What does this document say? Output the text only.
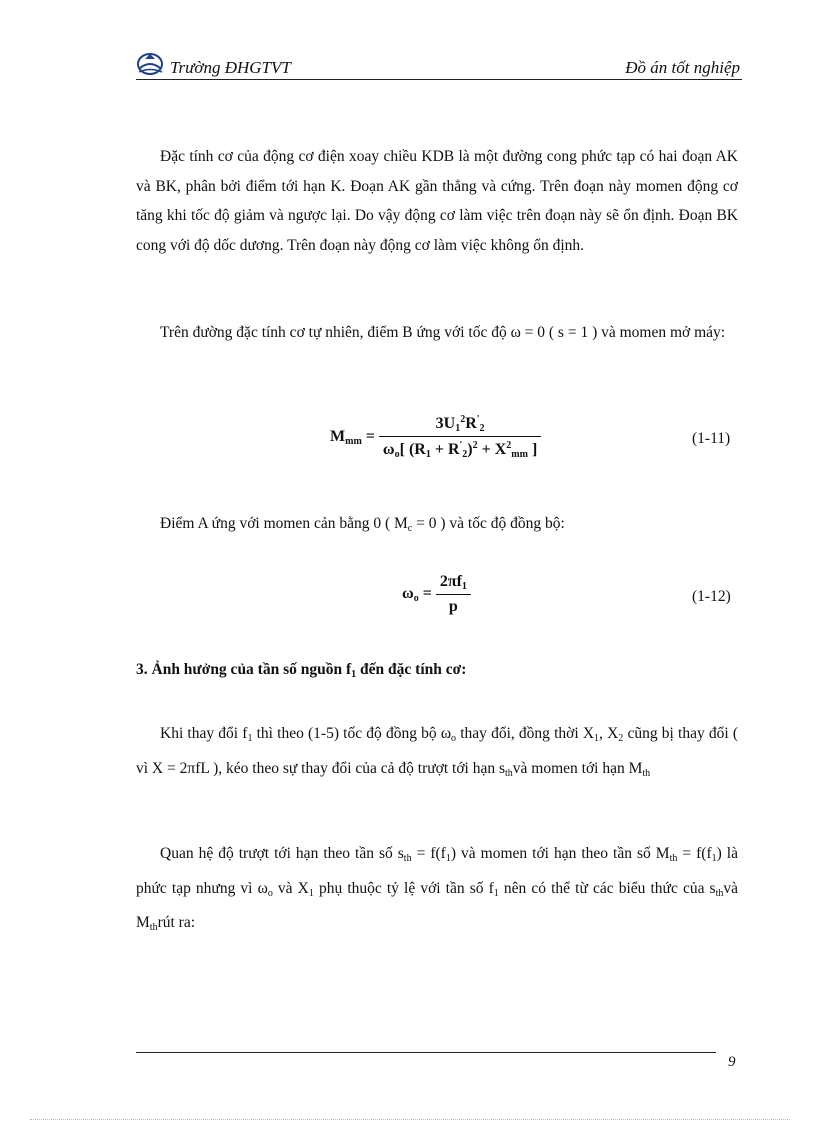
Trường ĐHGTVT	Đồ án tốt nghiệp

Đặc tính cơ của động cơ điện xoay chiều KDB là một đường cong phức tạp có hai đoạn AK và BK, phân bởi điểm tới hạn K. Đoạn AK gần thẳng và cứng. Trên đoạn này momen động cơ tăng khi tốc độ giảm và ngược lại. Do vậy động cơ làm việc trên đoạn này sẽ ổn định. Đoạn BK cong với độ dốc dương. Trên đoạn này động cơ làm việc không ổn định.

Trên đường đặc tính cơ tự nhiên, điểm B ứng với tốc độ ω = 0 ( s = 1 ) và momen mở máy:

$M_{mm} = \frac{3U_1^2R'_2}{\omega_o[ (R_1 + R'_2)^2 + X^2_{mm} ]}$	(1-11)

Điểm A ứng với momen cản bằng 0 ( $M_c = 0$ ) và tốc độ đồng bộ:

$\omega_o = \frac{2\pi f_1}{p}$	(1-12)
3. Ảnh hưởng của tần số nguồn $f_1$ đến đặc tính cơ:

Khi thay đổi $f_1$ thì theo (1-5) tốc độ đồng bộ $\omega_o$ thay đổi, đồng thời $X_1$, $X_2$ cũng bị thay đổi ( vì X = 2πfL ), kéo theo sự thay đổi của cả độ trượt tới hạn $s_{th}và$ momen tới hạn $M_{th}$

Quan hệ độ trượt tới hạn theo tần số $s_{th} = f(f_1)$ và momen tới hạn theo tần số $M_{th} = f(f_1)$ là phức tạp nhưng vì $\omega_o$ và $X_1$ phụ thuộc tỷ lệ với tần số $f_1$ nên có thể từ các biểu thức của $s_{th}và$ $M_{th}rút$ ra:

9
